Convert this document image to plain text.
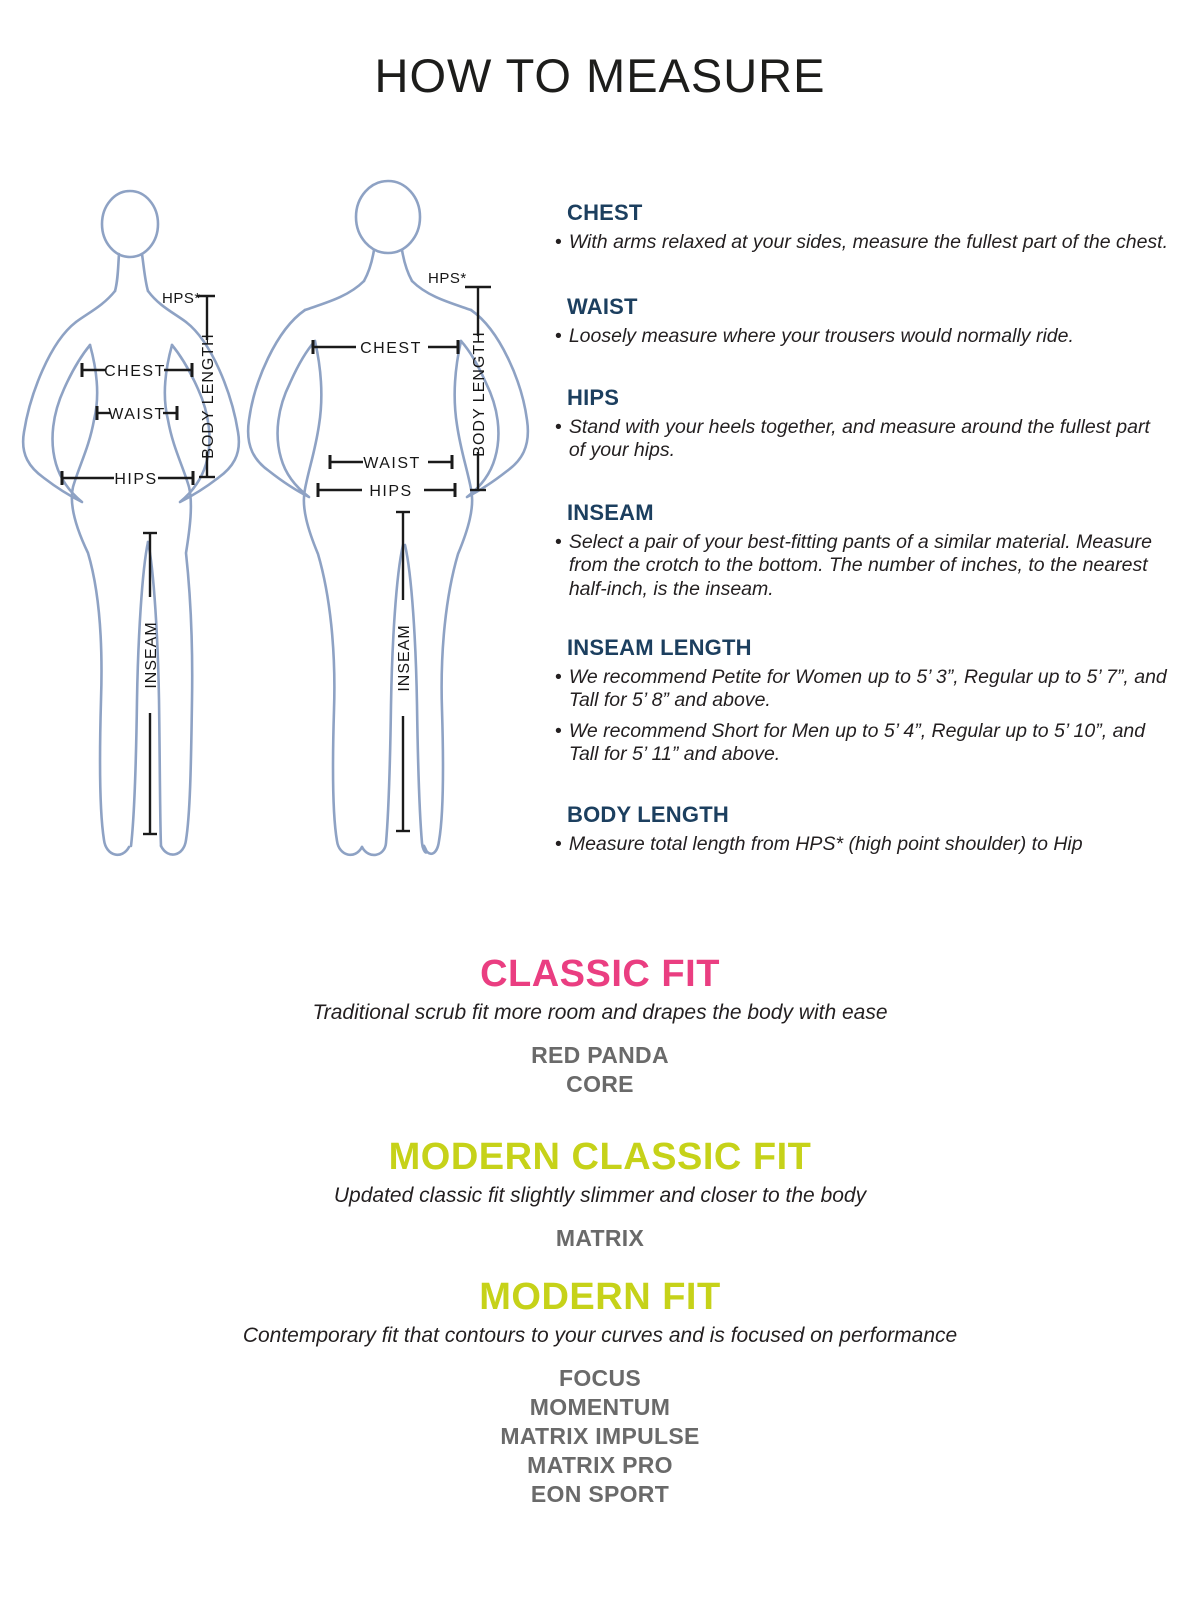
HOW TO MEASURE
HPS*
BODY LENGTH
CHEST
WAIST
HIPS
INSEAM
HPS*
BODY LENGTH
CHEST
WAIST
HIPS
INSEAM
CHEST

• With arms relaxed at your sides, measure the fullest part of the chest.

WAIST

• Loosely measure where your trousers would normally ride.

HIPS

• Stand with your heels together, and measure around the fullest part of your hips.

INSEAM

• Select a pair of your best-fitting pants of a similar material. Measure from the crotch to the bottom. The number of inches, to the nearest half-inch, is the inseam.

INSEAM LENGTH

• We recommend Petite for Women up to 5’ 3”, Regular up to 5’ 7”, and Tall for 5’ 8” and above.

• We recommend Short for Men up to 5’ 4”, Regular up to 5’ 10”, and Tall for 5’ 11” and above.

BODY LENGTH

• Measure total length from HPS* (high point shoulder) to Hip

CLASSIC FIT

Traditional scrub fit more room and drapes the body with ease

RED PANDA
CORE
MODERN CLASSIC FIT

Updated classic fit slightly slimmer and closer to the body

MATRIX
MODERN FIT

Contemporary fit that contours to your curves and is focused on performance

FOCUS
MOMENTUM
MATRIX IMPULSE
MATRIX PRO
EON SPORT
